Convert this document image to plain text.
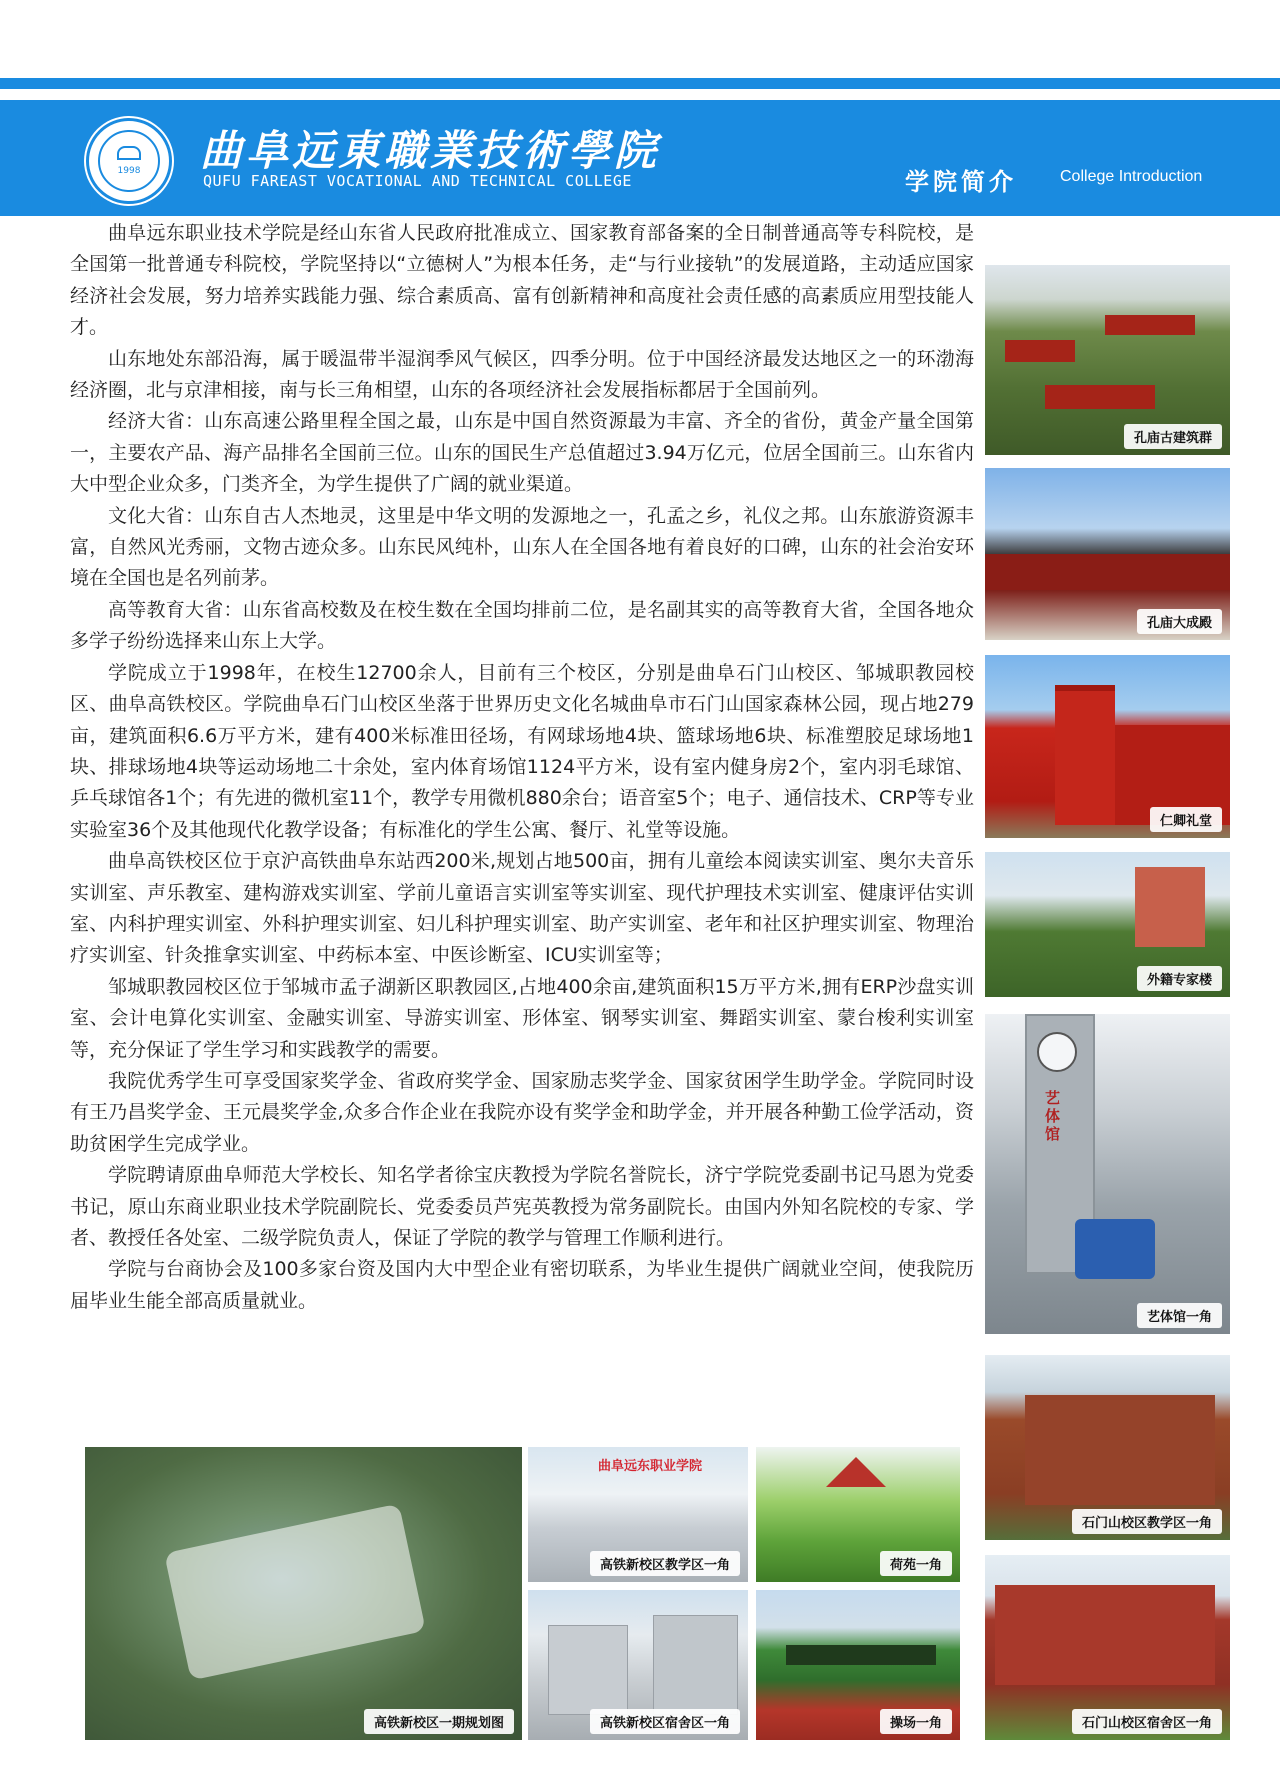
1998 曲阜远東職業技術學院
QUFU FAREAST VOCATIONAL AND TECHNICAL COLLEGE	学院简介	College Introduction

曲阜远东职业技术学院是经山东省人民政府批准成立、国家教育部备案的全日制普通高等专科院校，是全国第一批普通专科院校，学院坚持以“立德树人”为根本任务，走“与行业接轨”的发展道路，主动适应国家经济社会发展，努力培养实践能力强、综合素质高、富有创新精神和高度社会责任感的高素质应用型技能人才。

山东地处东部沿海，属于暖温带半湿润季风气候区，四季分明。位于中国经济最发达地区之一的环渤海经济圈，北与京津相接，南与长三角相望，山东的各项经济社会发展指标都居于全国前列。

经济大省：山东高速公路里程全国之最，山东是中国自然资源最为丰富、齐全的省份，黄金产量全国第一，主要农产品、海产品排名全国前三位。山东的国民生产总值超过3.94万亿元，位居全国前三。山东省内大中型企业众多，门类齐全，为学生提供了广阔的就业渠道。

文化大省：山东自古人杰地灵，这里是中华文明的发源地之一，孔孟之乡，礼仪之邦。山东旅游资源丰富，自然风光秀丽，文物古迹众多。山东民风纯朴，山东人在全国各地有着良好的口碑，山东的社会治安环境在全国也是名列前茅。

高等教育大省：山东省高校数及在校生数在全国均排前二位，是名副其实的高等教育大省，全国各地众多学子纷纷选择来山东上大学。

学院成立于1998年，在校生12700余人，目前有三个校区，分别是曲阜石门山校区、邹城职教园校区、曲阜高铁校区。学院曲阜石门山校区坐落于世界历史文化名城曲阜市石门山国家森林公园，现占地279亩，建筑面积6.6万平方米，建有400米标准田径场，有网球场地4块、篮球场地6块、标准塑胶足球场地1块、排球场地4块等运动场地二十余处，室内体育场馆1124平方米，设有室内健身房2个，室内羽毛球馆、乒乓球馆各1个；有先进的微机室11个，教学专用微机880余台；语音室5个；电子、通信技术、CRP等专业实验室36个及其他现代化教学设备；有标准化的学生公寓、餐厅、礼堂等设施。

曲阜高铁校区位于京沪高铁曲阜东站西200米,规划占地500亩，拥有儿童绘本阅读实训室、奥尔夫音乐实训室、声乐教室、建构游戏实训室、学前儿童语言实训室等实训室、现代护理技术实训室、健康评估实训室、内科护理实训室、外科护理实训室、妇儿科护理实训室、助产实训室、老年和社区护理实训室、物理治疗实训室、针灸推拿实训室、中药标本室、中医诊断室、ICU实训室等；

邹城职教园校区位于邹城市孟子湖新区职教园区,占地400余亩,建筑面积15万平方米,拥有ERP沙盘实训室、会计电算化实训室、金融实训室、导游实训室、形体室、钢琴实训室、舞蹈实训室、蒙台梭利实训室等，充分保证了学生学习和实践教学的需要。

我院优秀学生可享受国家奖学金、省政府奖学金、国家励志奖学金、国家贫困学生助学金。学院同时设有王乃昌奖学金、王元晨奖学金,众多合作企业在我院亦设有奖学金和助学金，并开展各种勤工俭学活动，资助贫困学生完成学业。

学院聘请原曲阜师范大学校长、知名学者徐宝庆教授为学院名誉院长，济宁学院党委副书记马恩为党委书记，原山东商业职业技术学院副院长、党委委员芦宪英教授为常务副院长。由国内外知名院校的专家、学者、教授任各处室、二级学院负责人，保证了学院的教学与管理工作顺利进行。

学院与台商协会及100多家台资及国内大中型企业有密切联系，为毕业生提供广阔就业空间，使我院历届毕业生能全部高质量就业。

孔庙古建筑群
孔庙大成殿
仁卿礼堂
外籍专家楼
艺体馆
艺体馆一角
石门山校区教学区一角
石门山校区宿舍区一角
高铁新校区一期规划图
曲阜远东职业学院
高铁新校区教学区一角	荷苑一角
高铁新校区宿舍区一角	操场一角
